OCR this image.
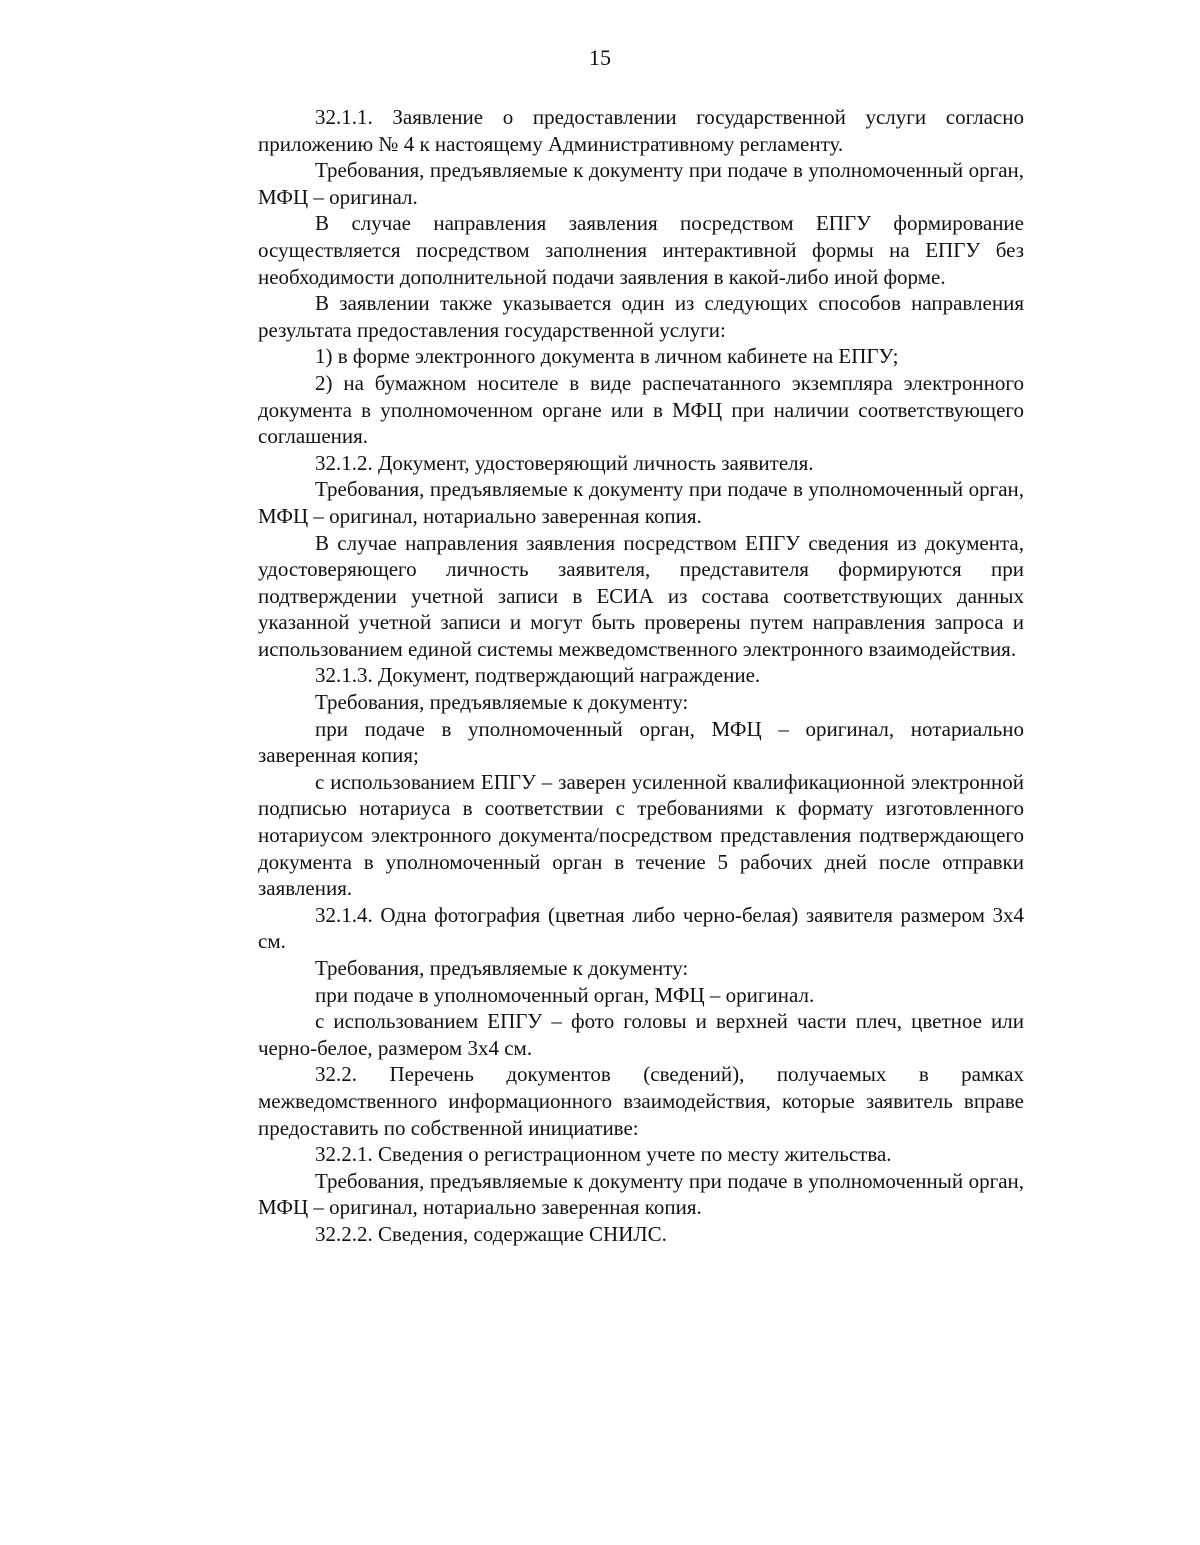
15

32.1.1. Заявление о предоставлении государственной услуги согласно приложению № 4 к настоящему Административному регламенту.

Требования, предъявляемые к документу при подаче в уполномоченный орган, МФЦ – оригинал.

В случае направления заявления посредством ЕПГУ формирование осуществляется посредством заполнения интерактивной формы на ЕПГУ без необходимости дополнительной подачи заявления в какой-либо иной форме.

В заявлении также указывается один из следующих способов направления результата предоставления государственной услуги:

1) в форме электронного документа в личном кабинете на ЕПГУ;

2) на бумажном носителе в виде распечатанного экземпляра электронного документа в уполномоченном органе или в МФЦ при наличии соответствующего соглашения.

32.1.2. Документ, удостоверяющий личность заявителя.

Требования, предъявляемые к документу при подаче в уполномоченный орган, МФЦ – оригинал, нотариально заверенная копия.

В случае направления заявления посредством ЕПГУ сведения из документа, удостоверяющего личность заявителя, представителя формируются при подтверждении учетной записи в ЕСИА из состава соответствующих данных указанной учетной записи и могут быть проверены путем направления запроса и использованием единой системы межведомственного электронного взаимодействия.

32.1.3. Документ, подтверждающий награждение.

Требования, предъявляемые к документу:

при подаче в уполномоченный орган, МФЦ – оригинал, нотариально заверенная копия;

с использованием ЕПГУ – заверен усиленной квалификационной электронной подписью нотариуса в соответствии с требованиями к формату изготовленного нотариусом электронного документа/посредством представления подтверждающего документа в уполномоченный орган в течение 5 рабочих дней после отправки заявления.

32.1.4. Одна фотография (цветная либо черно-белая) заявителя размером 3х4 см.

Требования, предъявляемые к документу:

при подаче в уполномоченный орган, МФЦ – оригинал.

с использованием ЕПГУ – фото головы и верхней части плеч, цветное или черно-белое, размером 3х4 см.

32.2. Перечень документов (сведений), получаемых в рамках межведомственного информационного взаимодействия, которые заявитель вправе предоставить по собственной инициативе:

32.2.1. Сведения о регистрационном учете по месту жительства.

Требования, предъявляемые к документу при подаче в уполномоченный орган, МФЦ – оригинал, нотариально заверенная копия.

32.2.2. Сведения, содержащие СНИЛС.
